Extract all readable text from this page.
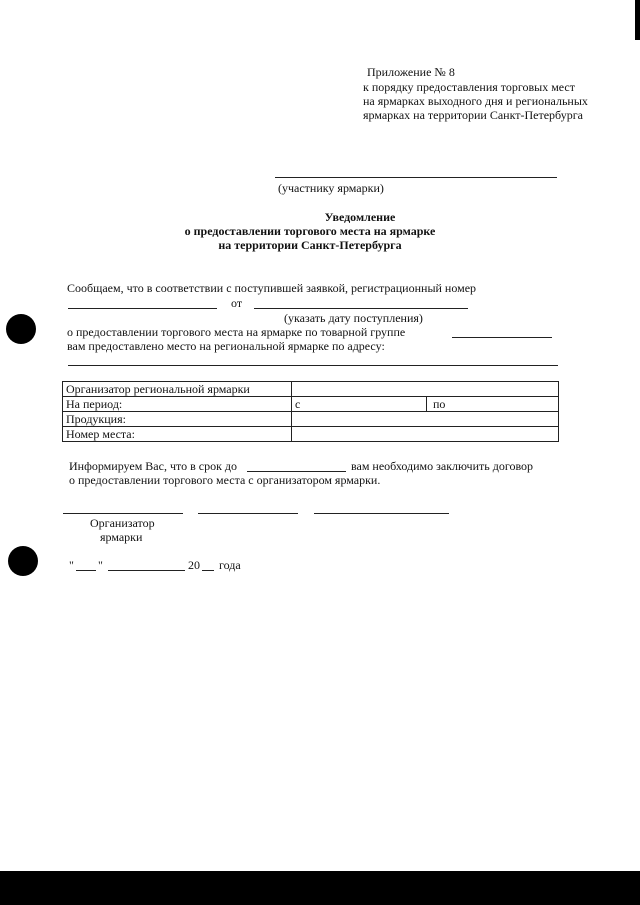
Приложение № 8
к порядку предоставления торговых мест
на ярмарках выходного дня и региональных
ярмарках на территории Санкт-Петербурга
(участнику ярмарки)
Уведомление
о предоставлении торгового места на ярмарке
на территории Санкт-Петербурга
Сообщаем, что в соответствии с поступившей заявкой, регистрационный номер
от
(указать дату поступления)
о предоставлении торгового места на ярмарке по товарной группе
вам предоставлено место на региональной ярмарке по адресу:
Организатор региональной ярмарки		
На период:	с	по
Продукция:		
Номер места:		
Информируем Вас, что в срок до	вам необходимо заключить договор
о предоставлении торгового места с организатором ярмарки.
Организатор
ярмарки
" "	20 года
